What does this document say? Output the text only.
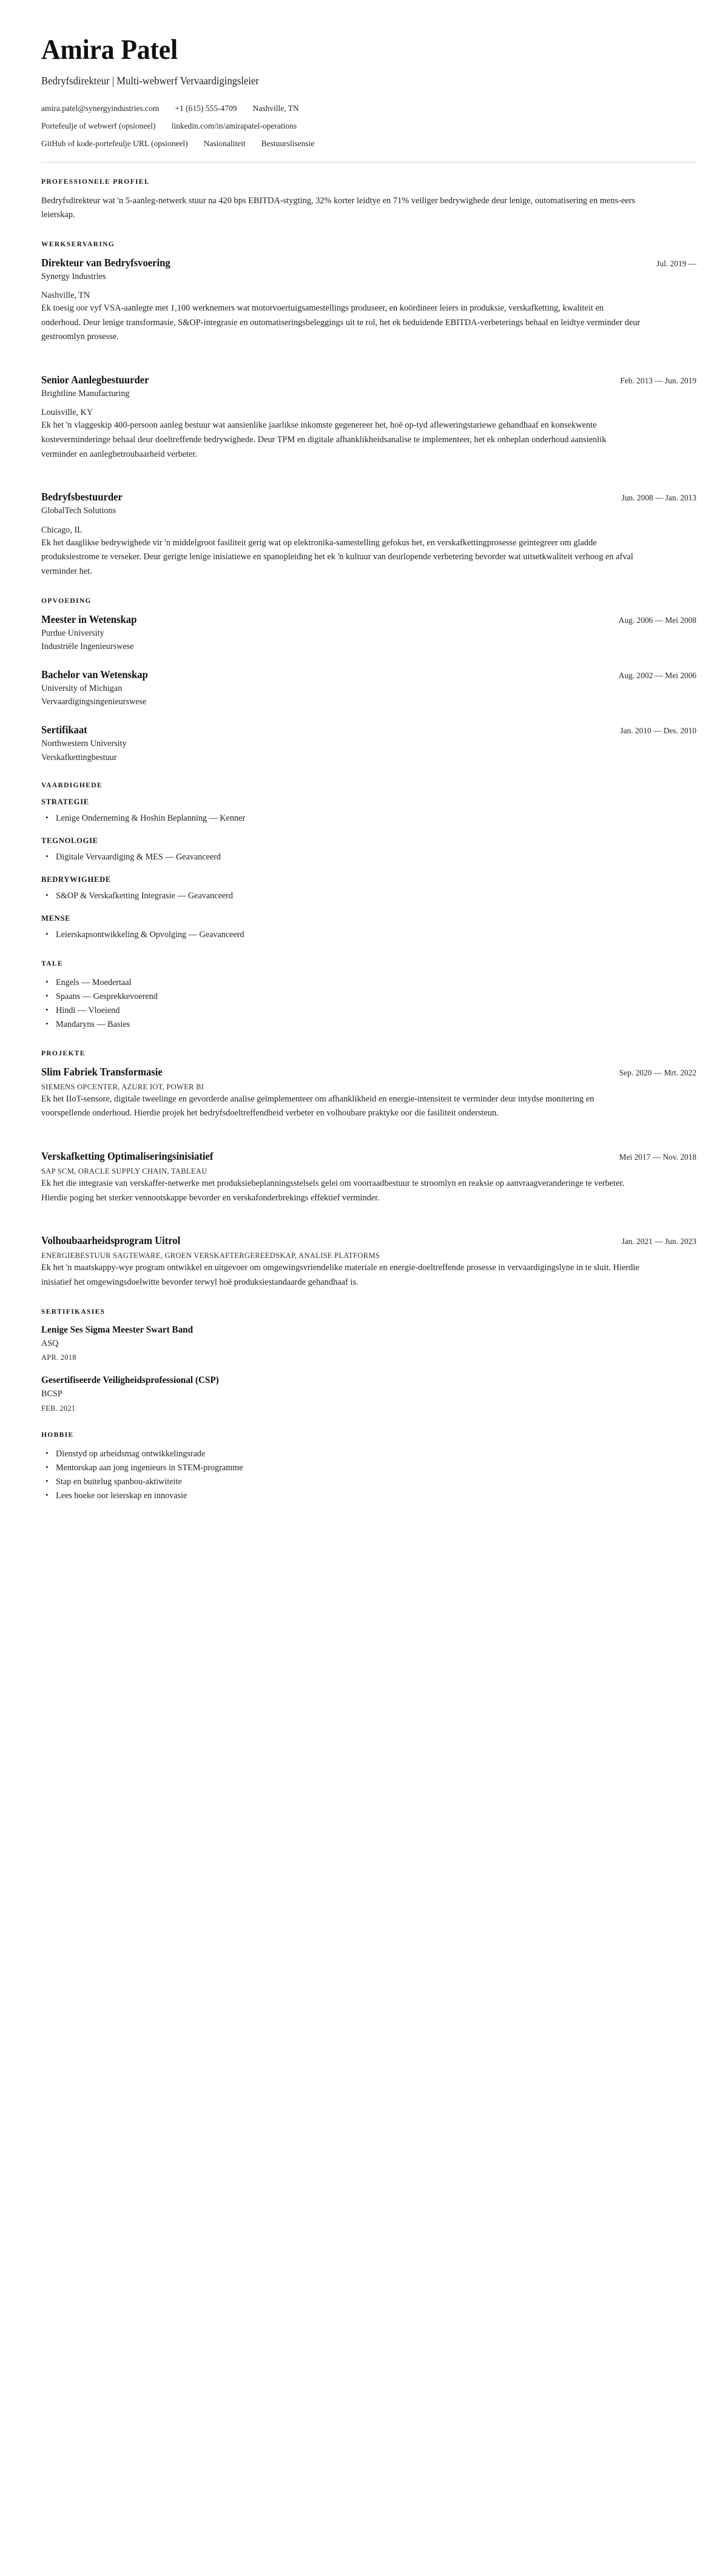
Amira Patel
Bedryfsdirekteur | Multi-webwerf Vervaardigingsleier
amira.patel@synergyindustries.com +1 (615) 555-4709 Nashville, TN
Portefeulje of webwerf (opsioneel) linkedin.com/in/amirapatel-operations
GitHub of kode-portefeulje URL (opsioneel) Nasionaliteit Bestuurslisensie
PROFESSIONELE PROFIEL

Bedryfsdirekteur wat 'n 5-aanleg-netwerk stuur na 420 bps EBITDA-stygting, 32% korter leidtye en 71% veiliger bedrywighede deur lenige, outomatisering en mens-eers leierskap.

WERKSERVARING
Direkteur van Bedryfsvoering	Jul. 2019 —
Synergy Industries
Nashville, TN

Ek toesig oor vyf VSA-aanlegte met 1,100 werknemers wat motorvoertuigsamestellings produseer, en koördineer leiers in produksie, verskafketting, kwaliteit en onderhoud. Deur lenige transformasie, S&OP-integrasie en outomatiseringsbeleggings uit te rol, het ek beduidende EBITDA-verbeterings behaal en leidtye verminder deur gestroomlyn prosesse.

Senior Aanlegbestuurder	Feb. 2013 — Jun. 2019
Brightline Manufacturing
Louisville, KY

Ek het 'n vlaggeskip 400-persoon aanleg bestuur wat aansienlike jaarlikse inkomste gegenereer het, hoë op-tyd afleweringstariewe gehandhaaf en konsekwente kosteverminderinge behaal deur doeltreffende bedrywighede. Deur TPM en digitale afhanklikheidsanalise te implementeer, het ek onbeplan onderhoud aansienlik verminder en aanlegbetroubaarheid verbeter.

Bedryfsbestuurder	Jun. 2008 — Jan. 2013
GlobalTech Solutions
Chicago, IL

Ek het daaglikse bedrywighede vir 'n middelgroot fasiliteit gerig wat op elektronika-samestelling gefokus het, en verskafkettingprosesse geïntegreer om gladde produksiestrome te verseker. Deur gerigte lenige inisiatiewe en spanopleiding het ek 'n kultuur van deurlopende verbetering bevorder wat uitsetkwaliteit verhoog en afval verminder het.

OPVOEDING
Meester in Wetenskap	Aug. 2006 — Mei 2008
Purdue University
Industriële Ingenieurswese
Bachelor van Wetenskap	Aug. 2002 — Mei 2006
University of Michigan
Vervaardigingsingenieurswese
Sertifikaat	Jan. 2010 — Des. 2010
Northwestern University
Verskafkettingbestuur
VAARDIGHEDE
STRATEGIE
• Lenige Onderneming & Hoshin Beplanning — Kenner
TEGNOLOGIE
• Digitale Vervaardiging & MES — Geavanceerd
BEDRYWIGHEDE
• S&OP & Verskafketting Integrasie — Geavanceerd
MENSE
• Leierskapsontwikkeling & Opvolging — Geavanceerd
TALE
• Engels — Moedertaal
• Spaans — Gesprekkevoerend
• Hindi — Vloeiend
• Mandaryns — Basies
PROJEKTE
Slim Fabriek Transformasie	Sep. 2020 — Mrt. 2022
SIEMENS OPCENTER, AZURE IOT, POWER BI

Ek het IIoT-sensore, digitale tweelinge en gevorderde analise geïmplementeer om afhanklikheid en energie-intensiteit te verminder deur intydse monitering en voorspellende onderhoud. Hierdie projek het bedryfsdoeltreffendheid verbeter en volhoubare praktyke oor die fasiliteit ondersteun.

Verskafketting Optimaliseringsinisiatief	Mei 2017 — Nov. 2018
SAP SCM, ORACLE SUPPLY CHAIN, TABLEAU

Ek het die integrasie van verskaffer-netwerke met produksiebeplanningsstelsels gelei om voorraadbestuur te stroomlyn en reaksie op aanvraagveranderinge te verbeter. Hierdie poging het sterker vennootskappe bevorder en verskafonderbrekings effektief verminder.

Volhoubaarheidsprogram Uitrol	Jan. 2021 — Jun. 2023
ENERGIEBESTUUR SAGTEWARE, GROEN VERSKAFTERGEREEDSKAP, ANALISE PLATFORMS

Ek het 'n maatskappy-wye program ontwikkel en uitgevoer om omgewingsvriendelike materiale en energie-doeltreffende prosesse in vervaardigingslyne in te sluit. Hierdie inisiatief het omgewingsdoelwitte bevorder terwyl hoë produksiestandaarde gehandhaaf is.

SERTIFIKASIES
Lenige Ses Sigma Meester Swart Band
ASQ
APR. 2018
Gesertifiseerde Veiligheidsprofessional (CSP)
BCSP
FEB. 2021
HOBBIE
• Dienstyd op arbeidsmag ontwikkelingsrade
• Mentorskap aan jong ingenieurs in STEM-programme
• Stap en buitelug spanbou-aktiwiteite
• Lees boeke oor leierskap en innovasie
